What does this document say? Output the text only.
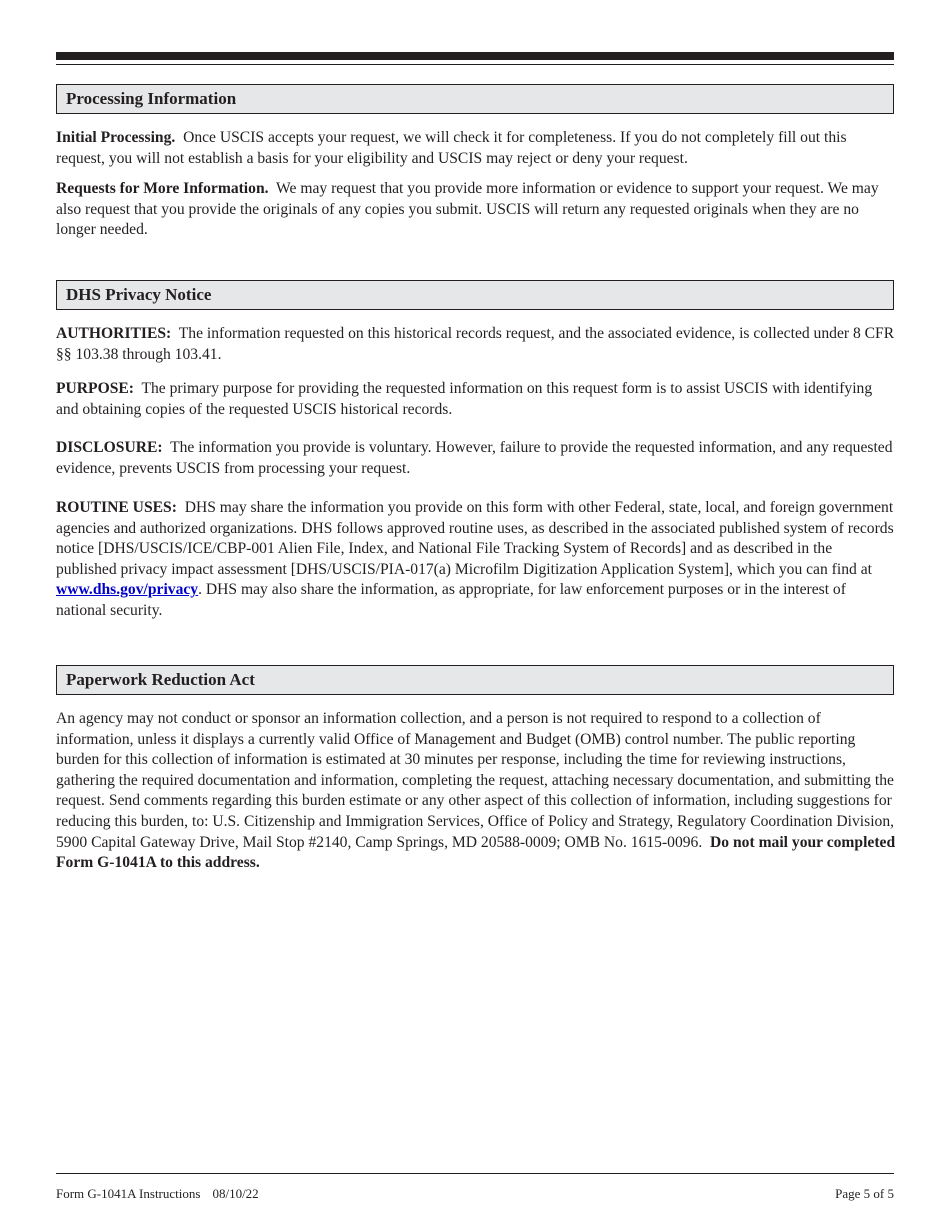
Processing Information

Initial Processing. Once USCIS accepts your request, we will check it for completeness. If you do not completely fill out this request, you will not establish a basis for your eligibility and USCIS may reject or deny your request.

Requests for More Information. We may request that you provide more information or evidence to support your request. We may also request that you provide the originals of any copies you submit. USCIS will return any requested originals when they are no longer needed.

DHS Privacy Notice

AUTHORITIES: The information requested on this historical records request, and the associated evidence, is collected under 8 CFR §§ 103.38 through 103.41.

PURPOSE: The primary purpose for providing the requested information on this request form is to assist USCIS with identifying and obtaining copies of the requested USCIS historical records.

DISCLOSURE: The information you provide is voluntary. However, failure to provide the requested information, and any requested evidence, prevents USCIS from processing your request.

ROUTINE USES: DHS may share the information you provide on this form with other Federal, state, local, and foreign government agencies and authorized organizations. DHS follows approved routine uses, as described in the associated published system of records notice [DHS/USCIS/ICE/CBP-001 Alien File, Index, and National File Tracking System of Records] and as described in the published privacy impact assessment [DHS/USCIS/PIA-017(a) Microfilm Digitization Application System], which you can find at www.dhs.gov/privacy. DHS may also share the information, as appropriate, for law enforcement purposes or in the interest of national security.

Paperwork Reduction Act

An agency may not conduct or sponsor an information collection, and a person is not required to respond to a collection of information, unless it displays a currently valid Office of Management and Budget (OMB) control number. The public reporting burden for this collection of information is estimated at 30 minutes per response, including the time for reviewing instructions, gathering the required documentation and information, completing the request, attaching necessary documentation, and submitting the request. Send comments regarding this burden estimate or any other aspect of this collection of information, including suggestions for reducing this burden, to: U.S. Citizenship and Immigration Services, Office of Policy and Strategy, Regulatory Coordination Division, 5900 Capital Gateway Drive, Mail Stop #2140, Camp Springs, MD 20588-0009; OMB No. 1615-0096. Do not mail your completed Form G-1041A to this address.

Form G-1041A Instructions 08/10/22	Page 5 of 5
